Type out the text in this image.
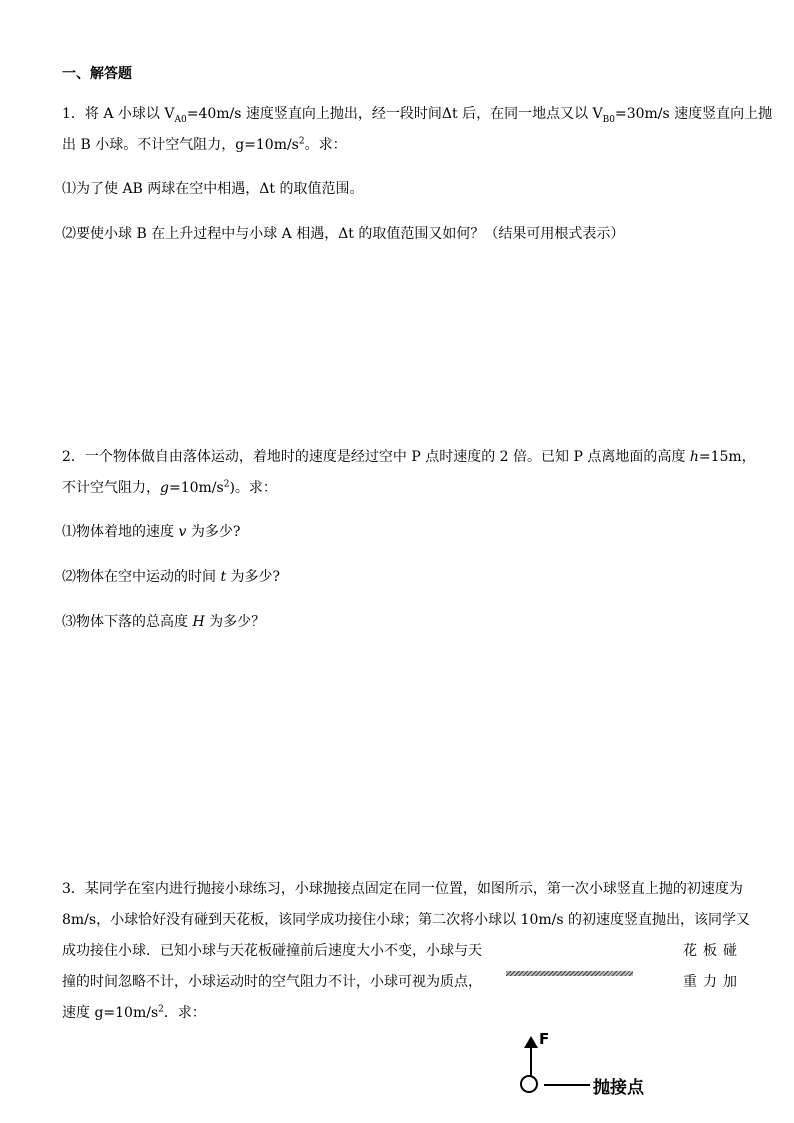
一、解答题
1．将 A 小球以 $V_{A0}=40m/s$ 速度竖直向上抛出，经一段时间Δt 后，在同一地点又以 $V_{B0}=30m/s$ 速度竖直向上抛
出 B 小球。不计空气阻力，$g=10m/s^2$。求：
⑴为了使 AB 两球在空中相遇，Δt 的取值范围。
⑵要使小球 B 在上升过程中与小球 A 相遇，Δt 的取值范围又如何？（结果可用根式表示）
2．一个物体做自由落体运动，着地时的速度是经过空中 P 点时速度的 2 倍。已知 P 点离地面的高度 h=15m，
不计空气阻力，$g=10m/s^2$)。求：
⑴物体着地的速度 v 为多少?
⑵物体在空中运动的时间 t 为多少?
⑶物体下落的总高度 H 为多少？
3．某同学在室内进行抛接小球练习，小球抛接点固定在同一位置，如图所示，第一次小球竖直上抛的初速度为
8m/s，小球恰好没有碰到天花板，该同学成功接住小球；第二次将小球以 10m/s 的初速度竖直抛出，该同学又
成功接住小球．已知小球与天花板碰撞前后速度大小不变，小球与天	花 板 碰
撞的时间忽略不计，小球运动时的空气阻力不计，小球可视为质点，	重 力 加
速度 $g=10m/s^2$．求：
F
抛接点
